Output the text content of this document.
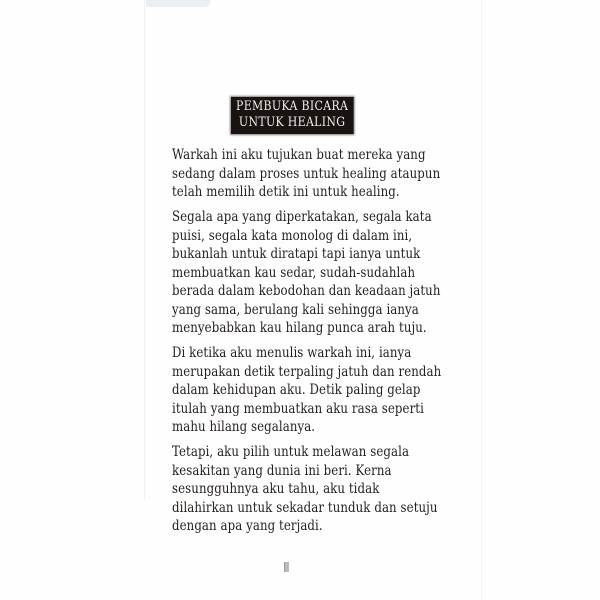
PEMBUKA BICARA
UNTUK HEALING
Warkah ini aku tujukan buat mereka yang
sedang dalam proses untuk healing ataupun
telah memilih detik ini untuk healing.
Segala apa yang diperkatakan, segala kata
puisi, segala kata monolog di dalam ini,
bukanlah untuk diratapi tapi ianya untuk
membuatkan kau sedar, sudah-sudahlah
berada dalam kebodohan dan keadaan jatuh
yang sama, berulang kali sehingga ianya
menyebabkan kau hilang punca arah tuju.
Di ketika aku menulis warkah ini, ianya
merupakan detik terpaling jatuh dan rendah
dalam kehidupan aku. Detik paling gelap
itulah yang membuatkan aku rasa seperti
mahu hilang segalanya.
Tetapi, aku pilih untuk melawan segala
kesakitan yang dunia ini beri. Kerna
sesungguhnya aku tahu, aku tidak
dilahirkan untuk sekadar tunduk dan setuju
dengan apa yang terjadi.
